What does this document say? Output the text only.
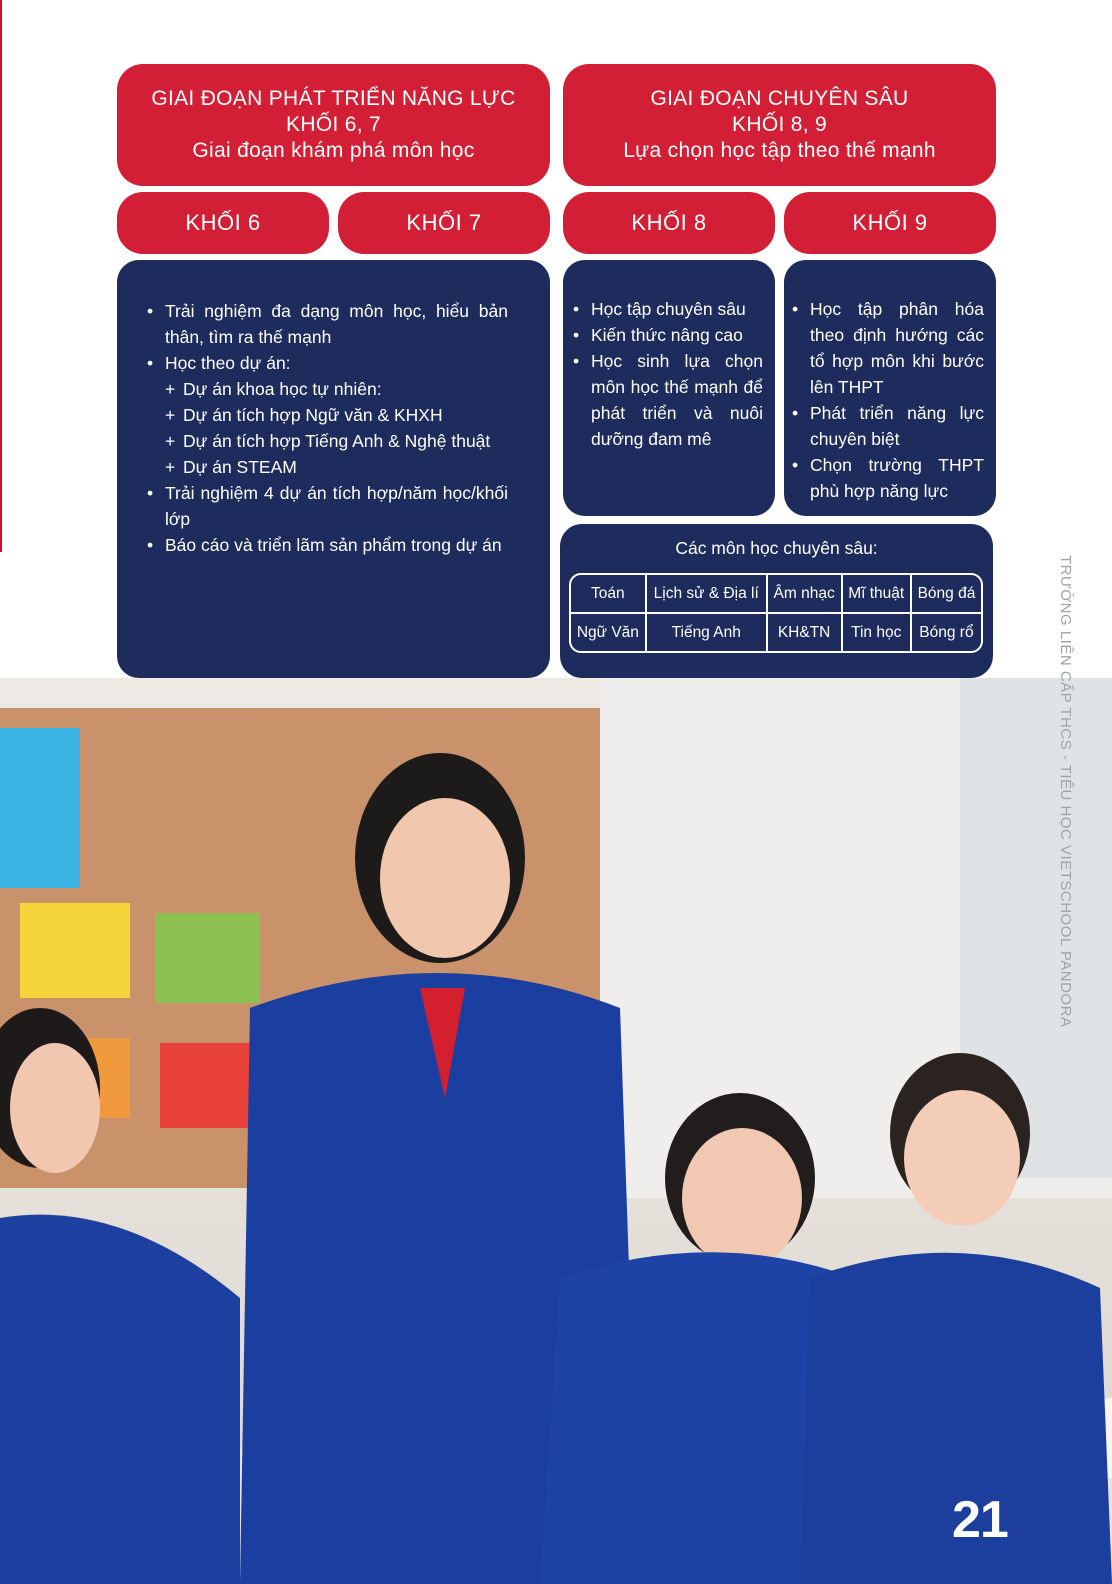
GIAI ĐOẠN PHÁT TRIỂN NĂNG LỰC
KHỐI 6, 7
Giai đoạn khám phá môn học
GIAI ĐOẠN CHUYÊN SÂU
KHỐI 8, 9
Lựa chọn học tập theo thế mạnh
KHỐI 6	KHỐI 7	KHỐI 8	KHỐI 9
• Trải nghiệm đa dạng môn học, hiểu bản thân, tìm ra thế mạnh
• Học theo dự án:
+ Dự án khoa học tự nhiên:
+ Dự án tích hợp Ngữ văn & KHXH
+ Dự án tích hợp Tiếng Anh & Nghệ thuật
+ Dự án STEAM
• Trải nghiệm 4 dự án tích hợp/năm học/khối lớp
• Báo cáo và triển lãm sản phẩm trong dự án
• Học tập chuyên sâu
• Kiến thức nâng cao
• Học sinh lựa chọn môn học thế mạnh để phát triển và nuôi dưỡng đam mê
• Học tập phân hóa theo định hướng các tổ hợp môn khi bước lên THPT
• Phát triển năng lực chuyên biệt
• Chọn trường THPT phù hợp năng lực
Các môn học chuyên sâu:
Toán	Lịch sử & Địa lí	Âm nhạc	Mĩ thuật	Bóng đá
Ngữ Văn	Tiếng Anh	KH&TN	Tin học	Bóng rổ	TRƯỜNG LIÊN CẤP THCS - TIỂU HỌC VIETSCHOOL PANDORA
21
